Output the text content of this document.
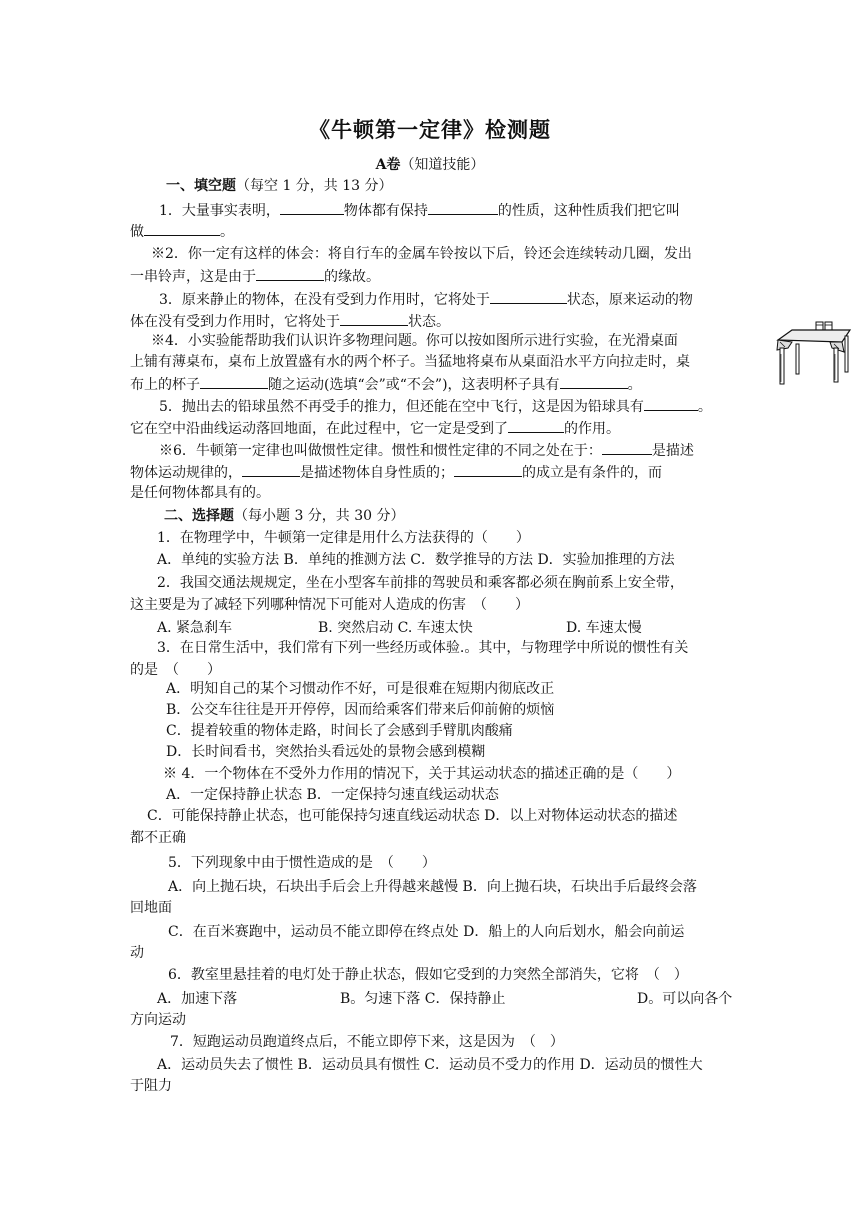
《牛顿第一定律》检测题
A卷（知道技能）
一、填空题（每空 1 分，共 13 分）
1．大量事实表明，	物体都有保持	的性质，这种性质我们把它叫
做	。
※2．你一定有这样的体会：将自行车的金属车铃按以下后，铃还会连续转动几圈，发出
一串铃声，这是由于	的缘故。
3．原来静止的物体，在没有受到力作用时，它将处于	状态，原来运动的物
体在没有受到力作用时，它将处于	状态。
※4．小实验能帮助我们认识许多物理问题。你可以按如图所示进行实验，在光滑桌面
上铺有薄桌布，桌布上放置盛有水的两个杯子。当猛地将桌布从桌面沿水平方向拉走时，桌
布上的杯子	随之运动(选填“会”或“不会”)，这表明杯子具有	。
5．抛出去的铅球虽然不再受手的推力，但还能在空中飞行，这是因为铅球具有	。
它在空中沿曲线运动落回地面，在此过程中，它一定是受到了	的作用。
※6．牛顿第一定律也叫做惯性定律。惯性和惯性定律的不同之处在于：	是描述
物体运动规律的，	是描述物体自身性质的；	的成立是有条件的，而
是任何物体都具有的。
二、选择题（每小题 3 分，共 30 分）
1．在物理学中，牛顿第一定律是用什么方法获得的（　　）
A．单纯的实验方法 B．单纯的推测方法 C．数学推导的方法 D．实验加推理的方法
2．我国交通法规规定，坐在小型客车前排的驾驶员和乘客都必须在胸前系上安全带，
这主要是为了减轻下列哪种情况下可能对人造成的伤害　（　　）
A. 紧急刹车	B. 突然启动 C. 车速太快	D. 车速太慢
3．在日常生活中，我们常有下列一些经历或体验.。其中，与物理学中所说的惯性有关
的是　（　　）
A．明知自己的某个习惯动作不好，可是很难在短期内彻底改正
B．公交车往往是开开停停，因而给乘客们带来后仰前俯的烦恼
C．提着较重的物体走路，时间长了会感到手臂肌肉酸痛
D．长时间看书，突然抬头看远处的景物会感到模糊
※ 4．一个物体在不受外力作用的情况下，关于其运动状态的描述正确的是（　　）
A．一定保持静止状态 B．一定保持匀速直线运动状态
C．可能保持静止状态，也可能保持匀速直线运动状态 D．以上对物体运动状态的描述
都不正确
5．下列现象中由于惯性造成的是　（　　）
A．向上抛石块，石块出手后会上升得越来越慢 B．向上抛石块，石块出手后最终会落
回地面
C．在百米赛跑中，运动员不能立即停在终点处 D．船上的人向后划水，船会向前运
动
6．教室里悬挂着的电灯处于静止状态，假如它受到的力突然全部消失，它将　（　）
A．加速下落	B。匀速下落 C．保持静止	D。可以向各个
方向运动
7．短跑运动员跑道终点后，不能立即停下来，这是因为　（　）
A．运动员失去了惯性 B．运动员具有惯性 C．运动员不受力的作用 D．运动员的惯性大
于阻力
